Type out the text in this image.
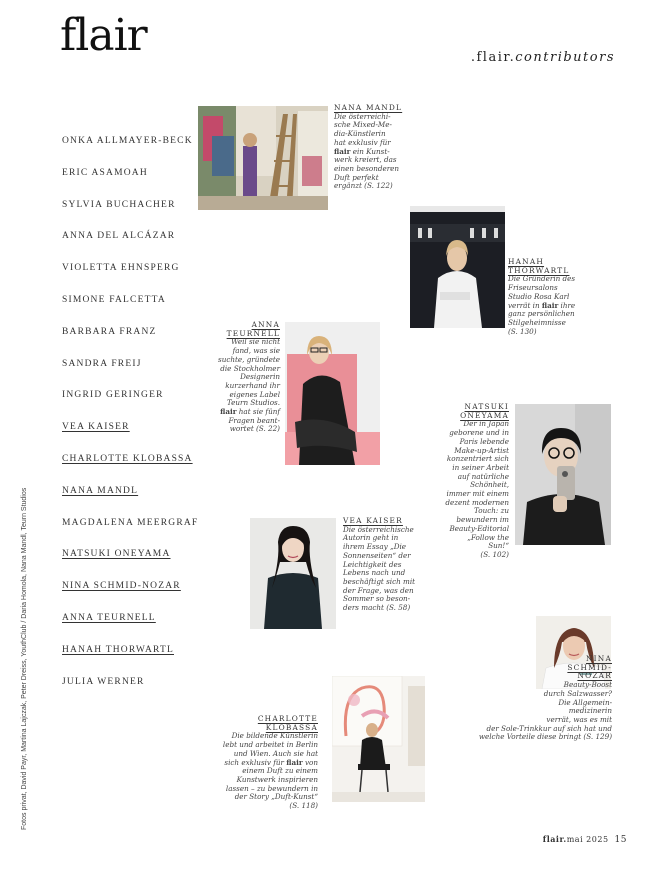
flair	.flair.contributors
ONKA ALLMAYER-BECK
ERIC ASAMOAH
SYLVIA BUCHACHER
ANNA DEL ALCÁZAR
VIOLETTA EHNSPERG
SIMONE FALCETTA
BARBARA FRANZ
SANDRA FREIJ
INGRID GERINGER
VEA KAISER
CHARLOTTE KLOBASSA
NANA MANDL
MAGDALENA MEERGRAF
NATSUKI ONEYAMA
NINA SCHMID-NOZAR
ANNA TEURNELL
HANAH THORWARTL
JULIA WERNER
Fotos privat, David Payr, Martina Lajczak, Peter Dreiss, YouthClub / Daria Homola, Nana Mandl, Teurn Studios
NANA MANDL
Die österreichi-
sche Mixed-Me-
dia-Künstlerin
hat exklusiv für
flair ein Kunst-
werk kreiert, das
einen besonderen
Duft perfekt
ergänzt (S. 122)
HANAH
THORWARTL
Die Gründerin des
Friseursalons
Studio Rosa Karl
verrät in flair ihre
ganz persönlichen
Stilgeheimnisse
(S. 130)
ANNA
TEURNELL
Weil sie nicht
fand, was sie
suchte, gründete
die Stockholmer
Designerin
kurzerhand ihr
eigenes Label
Teurn Studios.
flair hat sie fünf
Fragen beant-
wortet (S. 22)
NATSUKI
ONEYAMA
Der in Japan
geborene und in
Paris lebende
Make-up-Artist
konzentriert sich
in seiner Arbeit
auf natürliche
Schönheit,
immer mit einem
dezent modernen
Touch: zu
bewundern im
Beauty-Editorial
„Follow the
Sun!“
(S. 102)
VEA KAISER
Die österreichische
Autorin geht in
ihrem Essay „Die
Sonnenseiten“ der
Leichtigkeit des
Lebens nach und
beschäftigt sich mit
der Frage, was den
Sommer so beson-
ders macht (S. 58)
NINA
SCHMID-
NOZAR
Beauty-Boost
durch Salzwasser?
Die Allgemein-
medizinerin
verrät, was es mit
der Sole-Trinkkur auf sich hat und
welche Vorteile diese bringt (S. 129)
CHARLOTTE
KLOBASSA
Die bildende Künstlerin
lebt und arbeitet in Berlin
und Wien. Auch sie hat
sich exklusiv für flair von
einem Duft zu einem
Kunstwerk inspirieren
lassen – zu bewundern in
der Story „Duft-Kunst“
(S. 118)
flair.mai 2025 15
